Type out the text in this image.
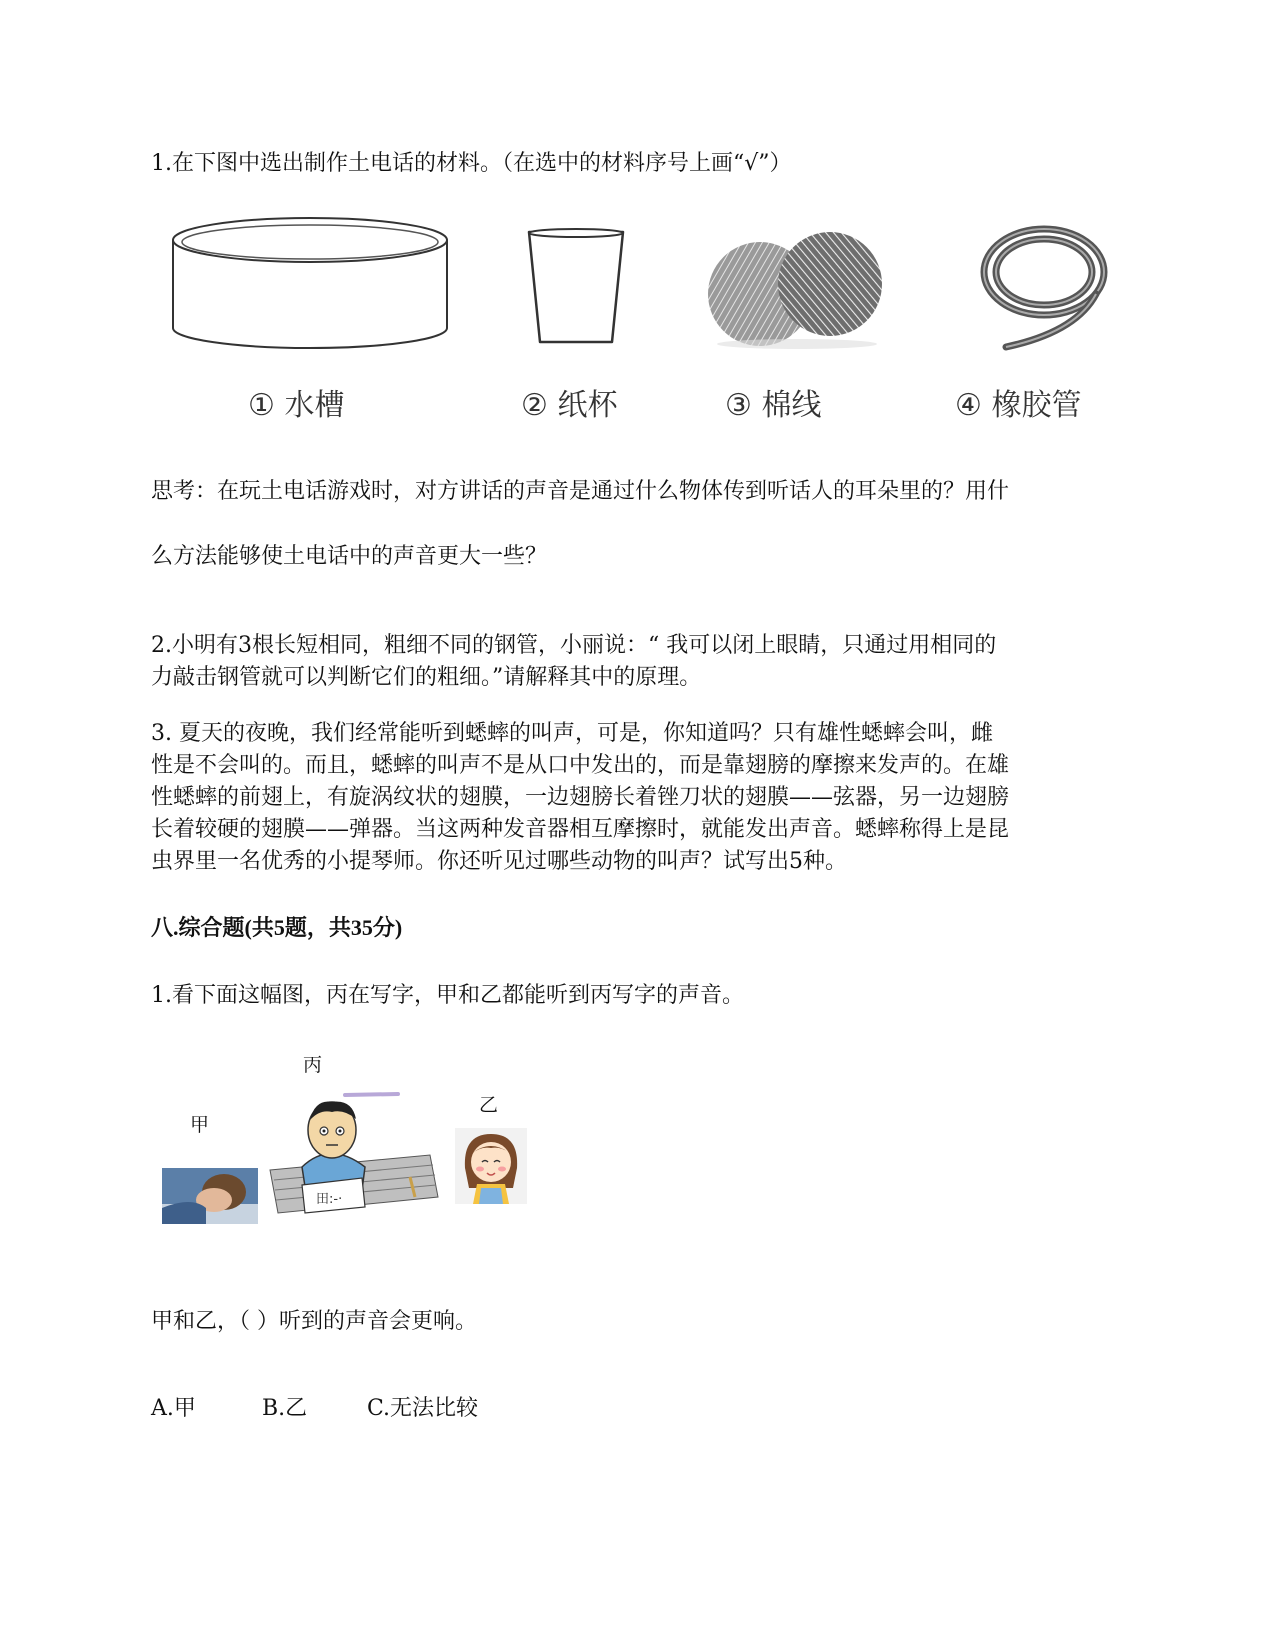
1.在下图中选出制作土电话的材料。（在选中的材料序号上画“√”）
① 水槽	② 纸杯	③ 棉线	④ 橡胶管
思考：在玩土电话游戏时，对方讲话的声音是通过什么物体传到听话人的耳朵里的？用什
么方法能够使土电话中的声音更大一些？
2.小明有3根长短相同，粗细不同的钢管，小丽说：“ 我可以闭上眼睛，只通过用相同的
力敲击钢管就可以判断它们的粗细。”请解释其中的原理。
3. 夏天的夜晚，我们经常能听到蟋蟀的叫声，可是，你知道吗？只有雄性蟋蟀会叫，雌
性是不会叫的。而且，蟋蟀的叫声不是从口中发出的，而是靠翅膀的摩擦来发声的。在雄
性蟋蟀的前翅上，有旋涡纹状的翅膜，一边翅膀长着锉刀状的翅膜——弦器，另一边翅膀
长着较硬的翅膜——弹器。当这两种发音器相互摩擦时，就能发出声音。蟋蟀称得上是昆
虫界里一名优秀的小提琴师。你还听见过哪些动物的叫声？试写出5种。
八.综合题(共5题，共35分)
1.看下面这幅图，丙在写字，甲和乙都能听到丙写字的声音。
甲
丙
乙
田:-·
甲和乙，（ ）听到的声音会更响。
A.甲	B.乙	C.无法比较
